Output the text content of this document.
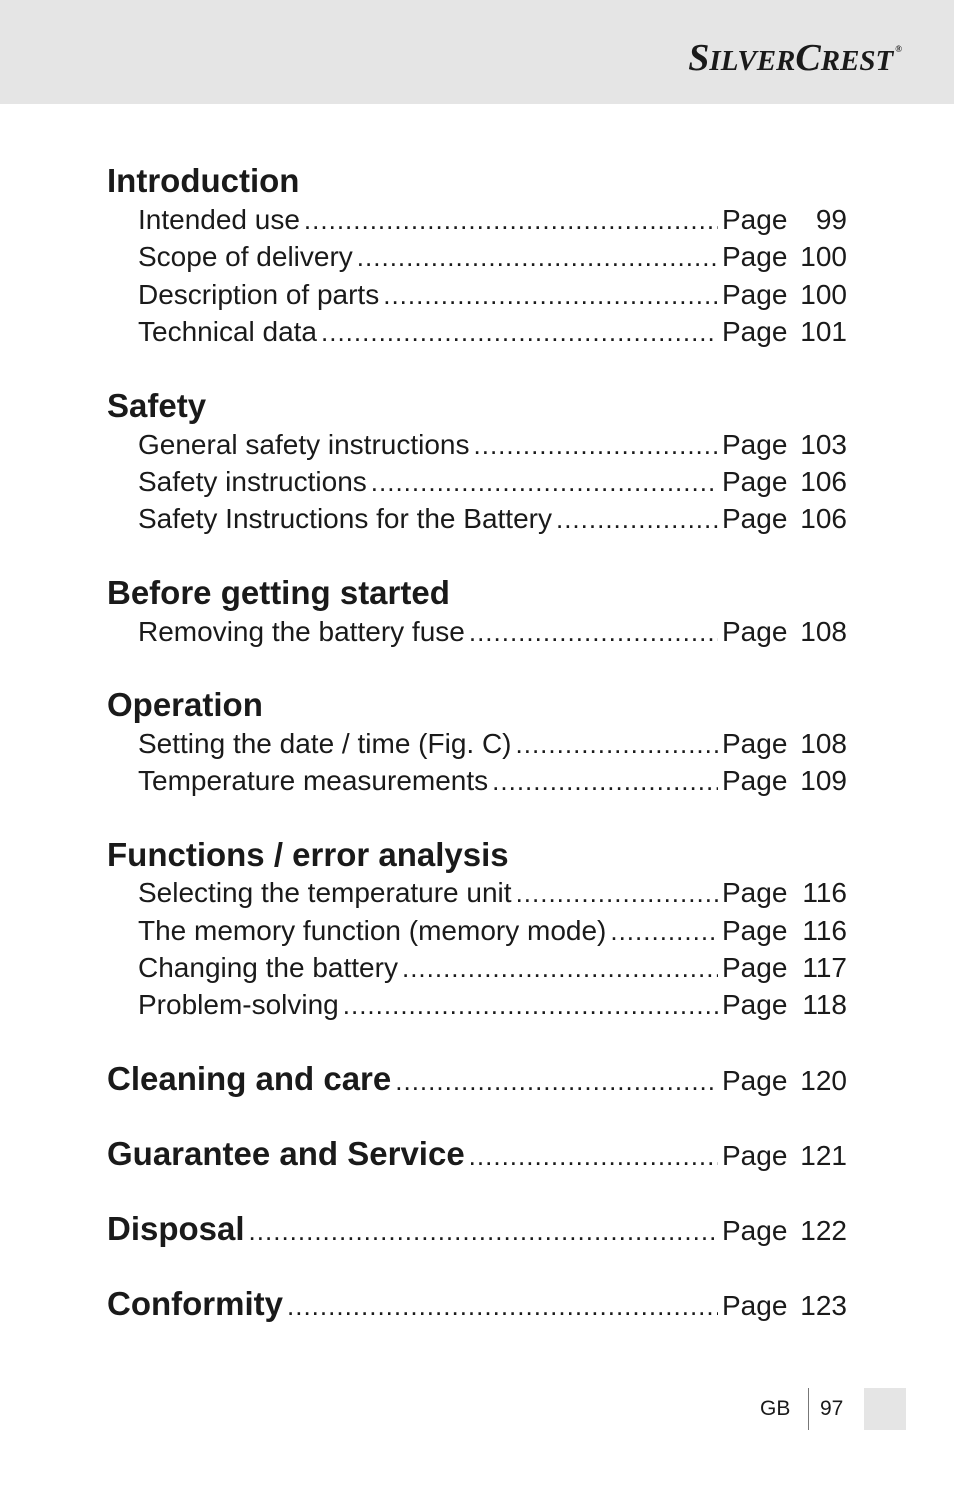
SILVERCREST ®
Introduction
Intended use .....	Page 99
Scope of delivery .....	Page 100
Description of parts .....	Page 100
Technical data .....	Page 101
Safety
General safety instructions .....	Page 103
Safety instructions .....	Page 106
Safety Instructions for the Battery .....	Page 106
Before getting started
Removing the battery fuse .....	Page 108
Operation
Setting the date / time (Fig. C) .....	Page 108
Temperature measurements .....	Page 109
Functions / error analysis
Selecting the temperature unit .....	Page 116
The memory function (memory mode) .....	Page 116
Changing the battery .....	Page 117
Problem-solving .....	Page 118
Cleaning and care .....	Page 120
Guarantee and Service .....	Page 121
Disposal .....	Page 122
Conformity .....	Page 123
GB 97
